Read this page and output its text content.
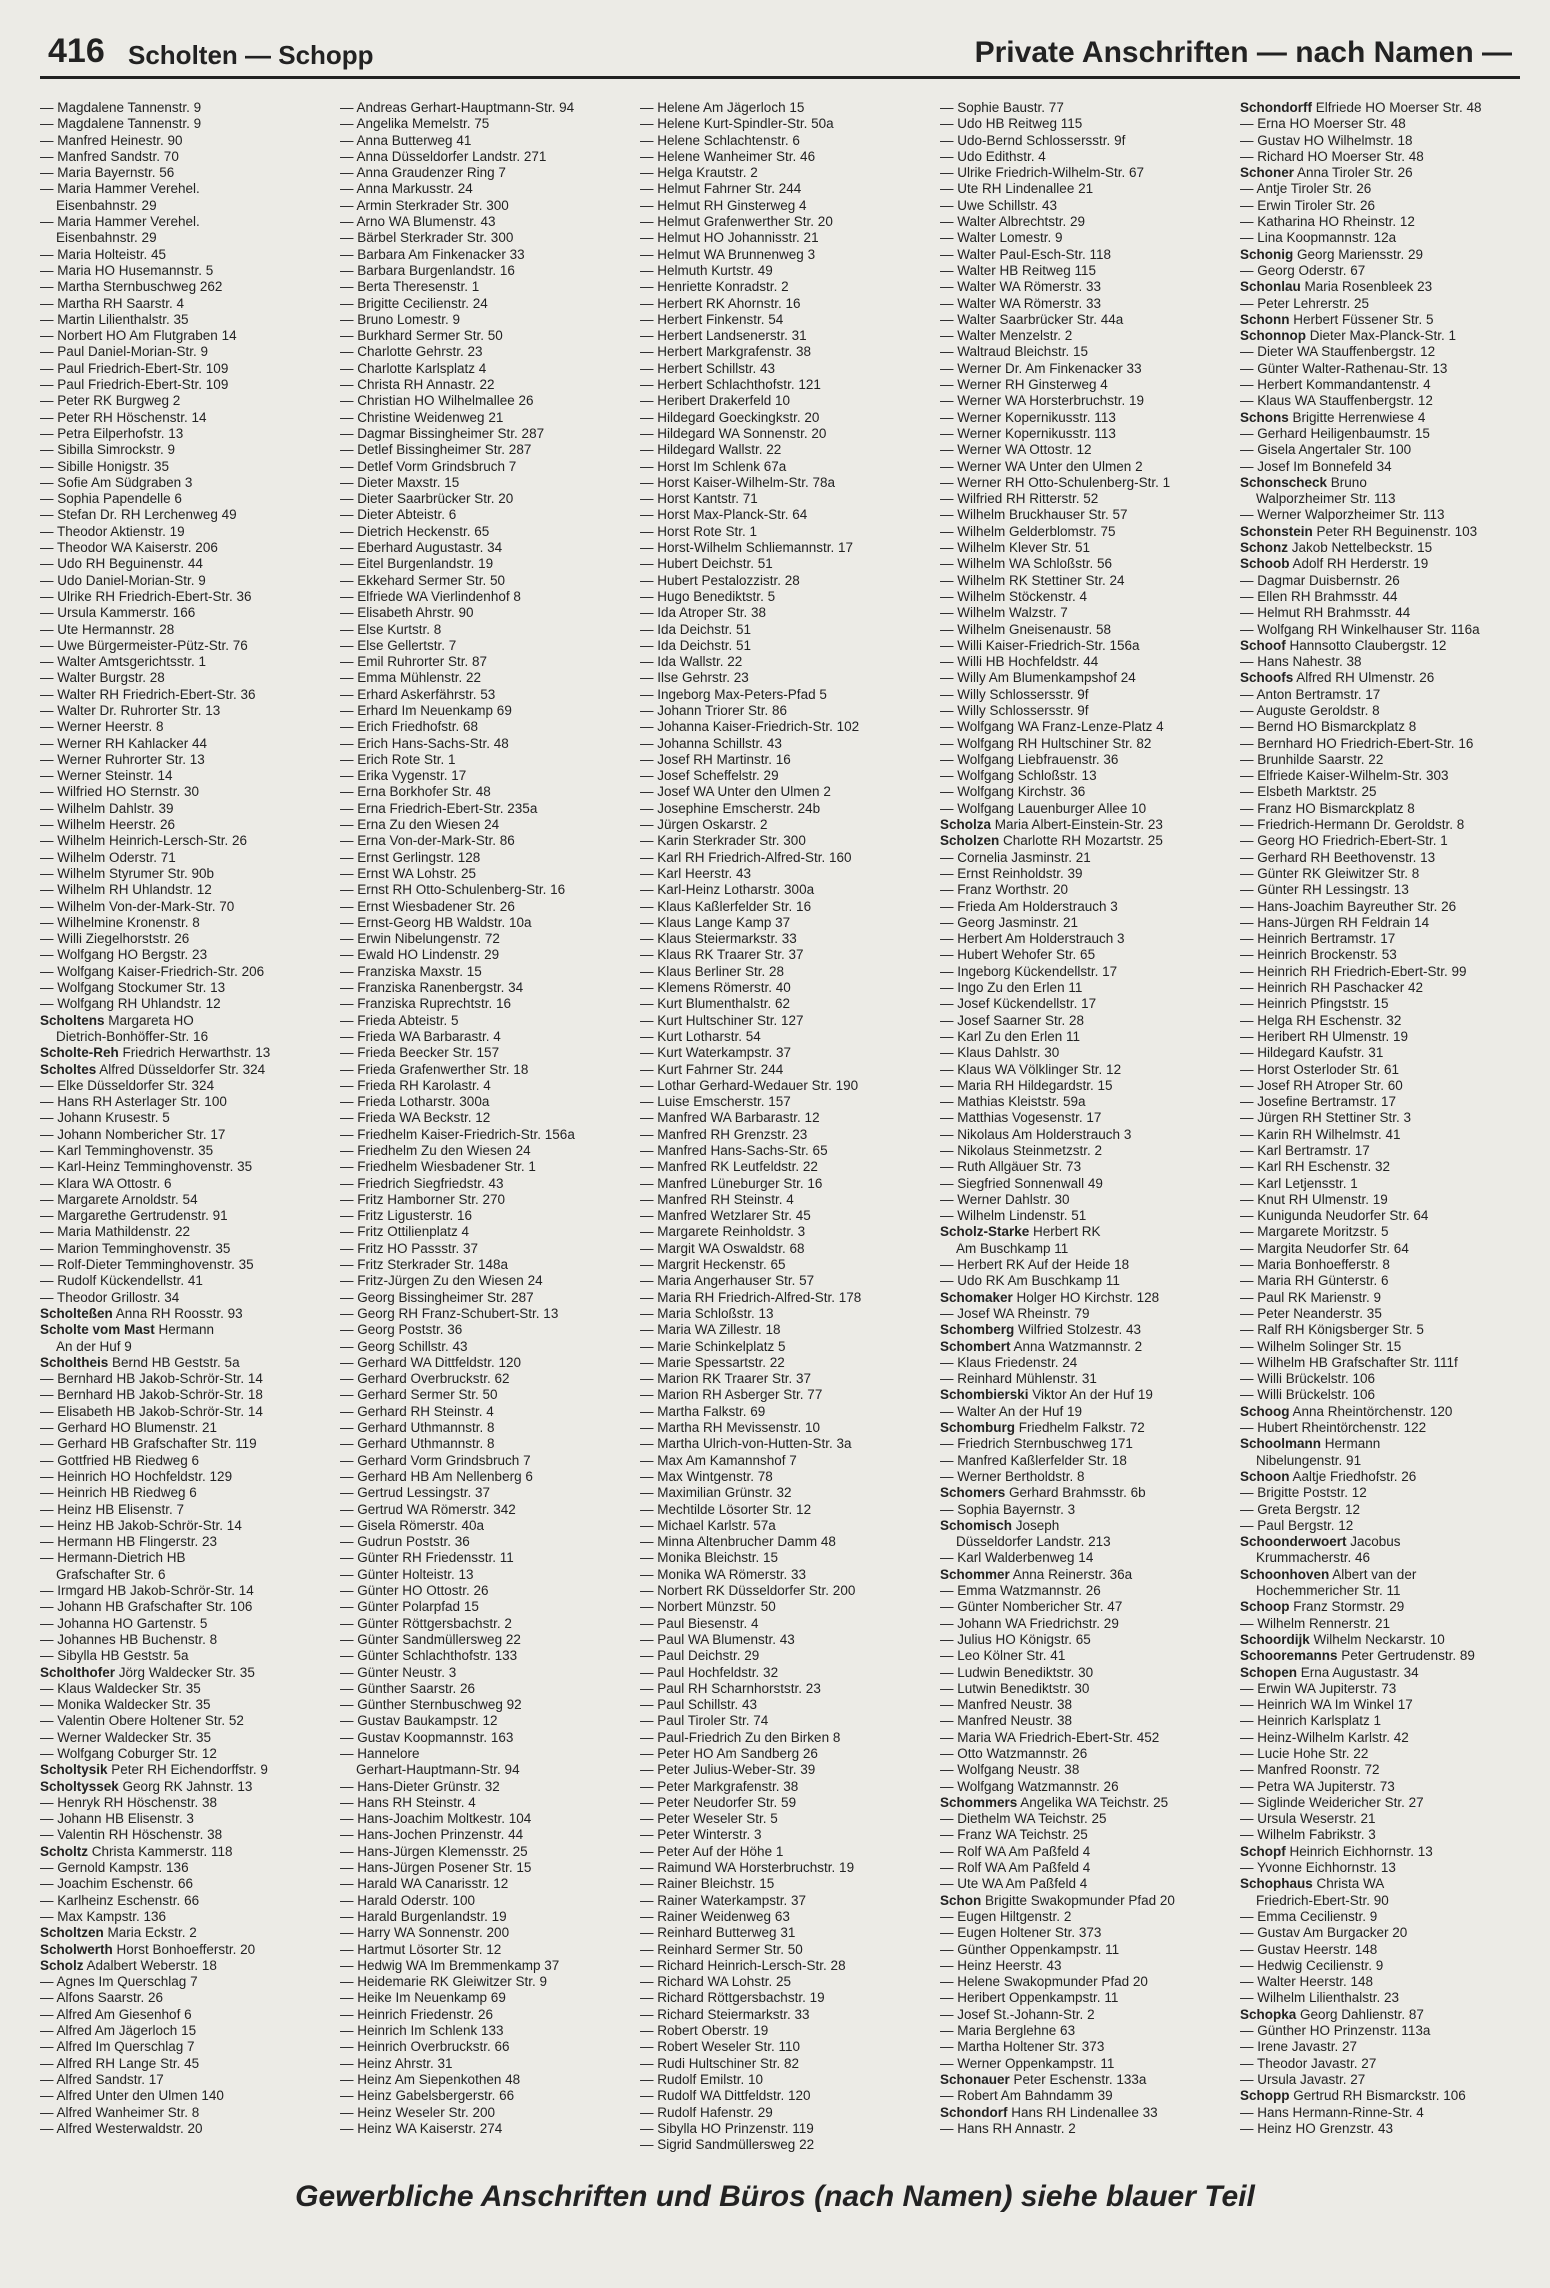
416 Scholten — Schopp	Private Anschriften — nach Namen —
— Magdalene Tannenstr. 9
— Magdalene Tannenstr. 9
— Manfred Heinestr. 90
— Manfred Sandstr. 70
— Maria Bayernstr. 56
— Maria Hammer Verehel.
Eisenbahnstr. 29
— Maria Hammer Verehel.
Eisenbahnstr. 29
— Maria Holteistr. 45
— Maria HO Husemannstr. 5
— Martha Sternbuschweg 262
— Martha RH Saarstr. 4
— Martin Lilienthalstr. 35
— Norbert HO Am Flutgraben 14
— Paul Daniel-Morian-Str. 9
— Paul Friedrich-Ebert-Str. 109
— Paul Friedrich-Ebert-Str. 109
— Peter RK Burgweg 2
— Peter RH Höschenstr. 14
— Petra Eilperhofstr. 13
— Sibilla Simrockstr. 9
— Sibille Honigstr. 35
— Sofie Am Südgraben 3
— Sophia Papendelle 6
— Stefan Dr. RH Lerchenweg 49
— Theodor Aktienstr. 19
— Theodor WA Kaiserstr. 206
— Udo RH Beguinenstr. 44
— Udo Daniel-Morian-Str. 9
— Ulrike RH Friedrich-Ebert-Str. 36
— Ursula Kammerstr. 166
— Ute Hermannstr. 28
— Uwe Bürgermeister-Pütz-Str. 76
— Walter Amtsgerichtsstr. 1
— Walter Burgstr. 28
— Walter RH Friedrich-Ebert-Str. 36
— Walter Dr. Ruhrorter Str. 13
— Werner Heerstr. 8
— Werner RH Kahlacker 44
— Werner Ruhrorter Str. 13
— Werner Steinstr. 14
— Wilfried HO Sternstr. 30
— Wilhelm Dahlstr. 39
— Wilhelm Heerstr. 26
— Wilhelm Heinrich-Lersch-Str. 26
— Wilhelm Oderstr. 71
— Wilhelm Styrumer Str. 90b
— Wilhelm RH Uhlandstr. 12
— Wilhelm Von-der-Mark-Str. 70
— Wilhelmine Kronenstr. 8
— Willi Ziegelhorststr. 26
— Wolfgang HO Bergstr. 23
— Wolfgang Kaiser-Friedrich-Str. 206
— Wolfgang Stockumer Str. 13
— Wolfgang RH Uhlandstr. 12
Scholtens Margareta HO
Dietrich-Bonhöffer-Str. 16
Scholte-Reh Friedrich Herwarthstr. 13
Scholtes Alfred Düsseldorfer Str. 324
— Elke Düsseldorfer Str. 324
— Hans RH Asterlager Str. 100
— Johann Krusestr. 5
— Johann Nombericher Str. 17
— Karl Temminghovenstr. 35
— Karl-Heinz Temminghovenstr. 35
— Klara WA Ottostr. 6
— Margarete Arnoldstr. 54
— Margarethe Gertrudenstr. 91
— Maria Mathildenstr. 22
— Marion Temminghovenstr. 35
— Rolf-Dieter Temminghovenstr. 35
— Rudolf Kückendellstr. 41
— Theodor Grillostr. 34
Scholteßen Anna RH Roosstr. 93
Scholte vom Mast Hermann
An der Huf 9
Scholtheis Bernd HB Geststr. 5a
— Bernhard HB Jakob-Schrör-Str. 14
— Bernhard HB Jakob-Schrör-Str. 18
— Elisabeth HB Jakob-Schrör-Str. 14
— Gerhard HO Blumenstr. 21
— Gerhard HB Grafschafter Str. 119
— Gottfried HB Riedweg 6
— Heinrich HO Hochfeldstr. 129
— Heinrich HB Riedweg 6
— Heinz HB Elisenstr. 7
— Heinz HB Jakob-Schrör-Str. 14
— Hermann HB Flingerstr. 23
— Hermann-Dietrich HB
Grafschafter Str. 6
— Irmgard HB Jakob-Schrör-Str. 14
— Johann HB Grafschafter Str. 106
— Johanna HO Gartenstr. 5
— Johannes HB Buchenstr. 8
— Sibylla HB Geststr. 5a
Scholthofer Jörg Waldecker Str. 35
— Klaus Waldecker Str. 35
— Monika Waldecker Str. 35
— Valentin Obere Holtener Str. 52
— Werner Waldecker Str. 35
— Wolfgang Coburger Str. 12
Scholtysik Peter RH Eichendorffstr. 9
Scholtyssek Georg RK Jahnstr. 13
— Henryk RH Höschenstr. 38
— Johann HB Elisenstr. 3
— Valentin RH Höschenstr. 38
Scholtz Christa Kammerstr. 118
— Gernold Kampstr. 136
— Joachim Eschenstr. 66
— Karlheinz Eschenstr. 66
— Max Kampstr. 136
Scholtzen Maria Eckstr. 2
Scholwerth Horst Bonhoefferstr. 20
Scholz Adalbert Weberstr. 18
— Agnes Im Querschlag 7
— Alfons Saarstr. 26
— Alfred Am Giesenhof 6
— Alfred Am Jägerloch 15
— Alfred Im Querschlag 7
— Alfred RH Lange Str. 45
— Alfred Sandstr. 17
— Alfred Unter den Ulmen 140
— Alfred Wanheimer Str. 8
— Alfred Westerwaldstr. 20
— Andreas Gerhart-Hauptmann-Str. 94
— Angelika Memelstr. 75
— Anna Butterweg 41
— Anna Düsseldorfer Landstr. 271
— Anna Graudenzer Ring 7
— Anna Markusstr. 24
— Armin Sterkrader Str. 300
— Arno WA Blumenstr. 43
— Bärbel Sterkrader Str. 300
— Barbara Am Finkenacker 33
— Barbara Burgenlandstr. 16
— Berta Theresenstr. 1
— Brigitte Cecilienstr. 24
— Bruno Lomestr. 9
— Burkhard Sermer Str. 50
— Charlotte Gehrstr. 23
— Charlotte Karlsplatz 4
— Christa RH Annastr. 22
— Christian HO Wilhelmallee 26
— Christine Weidenweg 21
— Dagmar Bissingheimer Str. 287
— Detlef Bissingheimer Str. 287
— Detlef Vorm Grindsbruch 7
— Dieter Maxstr. 15
— Dieter Saarbrücker Str. 20
— Dieter Abteistr. 6
— Dietrich Heckenstr. 65
— Eberhard Augustastr. 34
— Eitel Burgenlandstr. 19
— Ekkehard Sermer Str. 50
— Elfriede WA Vierlindenhof 8
— Elisabeth Ahrstr. 90
— Else Kurtstr. 8
— Else Gellertstr. 7
— Emil Ruhrorter Str. 87
— Emma Mühlenstr. 22
— Erhard Askerfährstr. 53
— Erhard Im Neuenkamp 69
— Erich Friedhofstr. 68
— Erich Hans-Sachs-Str. 48
— Erich Rote Str. 1
— Erika Vygenstr. 17
— Erna Borkhofer Str. 48
— Erna Friedrich-Ebert-Str. 235a
— Erna Zu den Wiesen 24
— Erna Von-der-Mark-Str. 86
— Ernst Gerlingstr. 128
— Ernst WA Lohstr. 25
— Ernst RH Otto-Schulenberg-Str. 16
— Ernst Wiesbadener Str. 26
— Ernst-Georg HB Waldstr. 10a
— Erwin Nibelungenstr. 72
— Ewald HO Lindenstr. 29
— Franziska Maxstr. 15
— Franziska Ranenbergstr. 34
— Franziska Ruprechtstr. 16
— Frieda Abteistr. 5
— Frieda WA Barbarastr. 4
— Frieda Beecker Str. 157
— Frieda Grafenwerther Str. 18
— Frieda RH Karolastr. 4
— Frieda Lotharstr. 300a
— Frieda WA Beckstr. 12
— Friedhelm Kaiser-Friedrich-Str. 156a
— Friedhelm Zu den Wiesen 24
— Friedhelm Wiesbadener Str. 1
— Friedrich Siegfriedstr. 43
— Fritz Hamborner Str. 270
— Fritz Ligusterstr. 16
— Fritz Ottilienplatz 4
— Fritz HO Passstr. 37
— Fritz Sterkrader Str. 148a
— Fritz-Jürgen Zu den Wiesen 24
— Georg Bissingheimer Str. 287
— Georg RH Franz-Schubert-Str. 13
— Georg Poststr. 36
— Georg Schillstr. 43
— Gerhard WA Dittfeldstr. 120
— Gerhard Overbruckstr. 62
— Gerhard Sermer Str. 50
— Gerhard RH Steinstr. 4
— Gerhard Uthmannstr. 8
— Gerhard Uthmannstr. 8
— Gerhard Vorm Grindsbruch 7
— Gerhard HB Am Nellenberg 6
— Gertrud Lessingstr. 37
— Gertrud WA Römerstr. 342
— Gisela Römerstr. 40a
— Gudrun Poststr. 36
— Günter RH Friedensstr. 11
— Günter Holteistr. 13
— Günter HO Ottostr. 26
— Günter Polarpfad 15
— Günter Röttgersbachstr. 2
— Günter Sandmüllersweg 22
— Günter Schlachthofstr. 133
— Günter Neustr. 3
— Günther Saarstr. 26
— Günther Sternbuschweg 92
— Gustav Baukampstr. 12
— Gustav Koopmannstr. 163
— Hannelore
Gerhart-Hauptmann-Str. 94
— Hans-Dieter Grünstr. 32
— Hans RH Steinstr. 4
— Hans-Joachim Moltkestr. 104
— Hans-Jochen Prinzenstr. 44
— Hans-Jürgen Klemensstr. 25
— Hans-Jürgen Posener Str. 15
— Harald WA Canarisstr. 12
— Harald Oderstr. 100
— Harald Burgenlandstr. 19
— Harry WA Sonnenstr. 200
— Hartmut Lösorter Str. 12
— Hedwig WA Im Bremmenkamp 37
— Heidemarie RK Gleiwitzer Str. 9
— Heike Im Neuenkamp 69
— Heinrich Friedenstr. 26
— Heinrich Im Schlenk 133
— Heinrich Overbruckstr. 66
— Heinz Ahrstr. 31
— Heinz Am Siepenkothen 48
— Heinz Gabelsbergerstr. 66
— Heinz Weseler Str. 200
— Heinz WA Kaiserstr. 274
— Helene Am Jägerloch 15
— Helene Kurt-Spindler-Str. 50a
— Helene Schlachtenstr. 6
— Helene Wanheimer Str. 46
— Helga Krautstr. 2
— Helmut Fahrner Str. 244
— Helmut RH Ginsterweg 4
— Helmut Grafenwerther Str. 20
— Helmut HO Johannisstr. 21
— Helmut WA Brunnenweg 3
— Helmuth Kurtstr. 49
— Henriette Konradstr. 2
— Herbert RK Ahornstr. 16
— Herbert Finkenstr. 54
— Herbert Landsenerstr. 31
— Herbert Markgrafenstr. 38
— Herbert Schillstr. 43
— Herbert Schlachthofstr. 121
— Heribert Drakerfeld 10
— Hildegard Goeckingkstr. 20
— Hildegard WA Sonnenstr. 20
— Hildegard Wallstr. 22
— Horst Im Schlenk 67a
— Horst Kaiser-Wilhelm-Str. 78a
— Horst Kantstr. 71
— Horst Max-Planck-Str. 64
— Horst Rote Str. 1
— Horst-Wilhelm Schliemannstr. 17
— Hubert Deichstr. 51
— Hubert Pestalozzistr. 28
— Hugo Benediktstr. 5
— Ida Atroper Str. 38
— Ida Deichstr. 51
— Ida Deichstr. 51
— Ida Wallstr. 22
— Ilse Gehrstr. 23
— Ingeborg Max-Peters-Pfad 5
— Johann Triorer Str. 86
— Johanna Kaiser-Friedrich-Str. 102
— Johanna Schillstr. 43
— Josef RH Martinstr. 16
— Josef Scheffelstr. 29
— Josef WA Unter den Ulmen 2
— Josephine Emscherstr. 24b
— Jürgen Oskarstr. 2
— Karin Sterkrader Str. 300
— Karl RH Friedrich-Alfred-Str. 160
— Karl Heerstr. 43
— Karl-Heinz Lotharstr. 300a
— Klaus Kaßlerfelder Str. 16
— Klaus Lange Kamp 37
— Klaus Steiermarkstr. 33
— Klaus RK Traarer Str. 37
— Klaus Berliner Str. 28
— Klemens Römerstr. 40
— Kurt Blumenthalstr. 62
— Kurt Hultschiner Str. 127
— Kurt Lotharstr. 54
— Kurt Waterkampstr. 37
— Kurt Fahrner Str. 244
— Lothar Gerhard-Wedauer Str. 190
— Luise Emscherstr. 157
— Manfred WA Barbarastr. 12
— Manfred RH Grenzstr. 23
— Manfred Hans-Sachs-Str. 65
— Manfred RK Leutfeldstr. 22
— Manfred Lüneburger Str. 16
— Manfred RH Steinstr. 4
— Manfred Wetzlarer Str. 45
— Margarete Reinholdstr. 3
— Margit WA Oswaldstr. 68
— Margrit Heckenstr. 65
— Maria Angerhauser Str. 57
— Maria RH Friedrich-Alfred-Str. 178
— Maria Schloßstr. 13
— Maria WA Zillestr. 18
— Marie Schinkelplatz 5
— Marie Spessartstr. 22
— Marion RK Traarer Str. 37
— Marion RH Asberger Str. 77
— Martha Falkstr. 69
— Martha RH Mevissenstr. 10
— Martha Ulrich-von-Hutten-Str. 3a
— Max Am Kamannshof 7
— Max Wintgenstr. 78
— Maximilian Grünstr. 32
— Mechtilde Lösorter Str. 12
— Michael Karlstr. 57a
— Minna Altenbrucher Damm 48
— Monika Bleichstr. 15
— Monika WA Römerstr. 33
— Norbert RK Düsseldorfer Str. 200
— Norbert Münzstr. 50
— Paul Biesenstr. 4
— Paul WA Blumenstr. 43
— Paul Deichstr. 29
— Paul Hochfeldstr. 32
— Paul RH Scharnhorststr. 23
— Paul Schillstr. 43
— Paul Tiroler Str. 74
— Paul-Friedrich Zu den Birken 8
— Peter HO Am Sandberg 26
— Peter Julius-Weber-Str. 39
— Peter Markgrafenstr. 38
— Peter Neudorfer Str. 59
— Peter Weseler Str. 5
— Peter Winterstr. 3
— Peter Auf der Höhe 1
— Raimund WA Horsterbruchstr. 19
— Rainer Bleichstr. 15
— Rainer Waterkampstr. 37
— Rainer Weidenweg 63
— Reinhard Butterweg 31
— Reinhard Sermer Str. 50
— Richard Heinrich-Lersch-Str. 28
— Richard WA Lohstr. 25
— Richard Röttgersbachstr. 19
— Richard Steiermarkstr. 33
— Robert Oberstr. 19
— Robert Weseler Str. 110
— Rudi Hultschiner Str. 82
— Rudolf Emilstr. 10
— Rudolf WA Dittfeldstr. 120
— Rudolf Hafenstr. 29
— Sibylla HO Prinzenstr. 119
— Sigrid Sandmüllersweg 22
— Sophie Baustr. 77
— Udo HB Reitweg 115
— Udo-Bernd Schlossersstr. 9f
— Udo Edithstr. 4
— Ulrike Friedrich-Wilhelm-Str. 67
— Ute RH Lindenallee 21
— Uwe Schillstr. 43
— Walter Albrechtstr. 29
— Walter Lomestr. 9
— Walter Paul-Esch-Str. 118
— Walter HB Reitweg 115
— Walter WA Römerstr. 33
— Walter WA Römerstr. 33
— Walter Saarbrücker Str. 44a
— Walter Menzelstr. 2
— Waltraud Bleichstr. 15
— Werner Dr. Am Finkenacker 33
— Werner RH Ginsterweg 4
— Werner WA Horsterbruchstr. 19
— Werner Kopernikusstr. 113
— Werner Kopernikusstr. 113
— Werner WA Ottostr. 12
— Werner WA Unter den Ulmen 2
— Werner RH Otto-Schulenberg-Str. 1
— Wilfried RH Ritterstr. 52
— Wilhelm Bruckhauser Str. 57
— Wilhelm Gelderblomstr. 75
— Wilhelm Klever Str. 51
— Wilhelm WA Schloßstr. 56
— Wilhelm RK Stettiner Str. 24
— Wilhelm Stöckenstr. 4
— Wilhelm Walzstr. 7
— Wilhelm Gneisenaustr. 58
— Willi Kaiser-Friedrich-Str. 156a
— Willi HB Hochfeldstr. 44
— Willy Am Blumenkampshof 24
— Willy Schlossersstr. 9f
— Willy Schlossersstr. 9f
— Wolfgang WA Franz-Lenze-Platz 4
— Wolfgang RH Hultschiner Str. 82
— Wolfgang Liebfrauenstr. 36
— Wolfgang Schloßstr. 13
— Wolfgang Kirchstr. 36
— Wolfgang Lauenburger Allee 10
Scholza Maria Albert-Einstein-Str. 23
Scholzen Charlotte RH Mozartstr. 25
— Cornelia Jasminstr. 21
— Ernst Reinholdstr. 39
— Franz Worthstr. 20
— Frieda Am Holderstrauch 3
— Georg Jasminstr. 21
— Herbert Am Holderstrauch 3
— Hubert Wehofer Str. 65
— Ingeborg Kückendellstr. 17
— Ingo Zu den Erlen 11
— Josef Kückendellstr. 17
— Josef Saarner Str. 28
— Karl Zu den Erlen 11
— Klaus Dahlstr. 30
— Klaus WA Völklinger Str. 12
— Maria RH Hildegardstr. 15
— Mathias Kleiststr. 59a
— Matthias Vogesenstr. 17
— Nikolaus Am Holderstrauch 3
— Nikolaus Steinmetzstr. 2
— Ruth Allgäuer Str. 73
— Siegfried Sonnenwall 49
— Werner Dahlstr. 30
— Wilhelm Lindenstr. 51
Scholz-Starke Herbert RK
Am Buschkamp 11
— Herbert RK Auf der Heide 18
— Udo RK Am Buschkamp 11
Schomaker Holger HO Kirchstr. 128
— Josef WA Rheinstr. 79
Schomberg Wilfried Stolzestr. 43
Schombert Anna Watzmannstr. 2
— Klaus Friedenstr. 24
— Reinhard Mühlenstr. 31
Schombierski Viktor An der Huf 19
— Walter An der Huf 19
Schomburg Friedhelm Falkstr. 72
— Friedrich Sternbuschweg 171
— Manfred Kaßlerfelder Str. 18
— Werner Bertholdstr. 8
Schomers Gerhard Brahmsstr. 6b
— Sophia Bayernstr. 3
Schomisch Joseph
Düsseldorfer Landstr. 213
— Karl Walderbenweg 14
Schommer Anna Reinerstr. 36a
— Emma Watzmannstr. 26
— Günter Nombericher Str. 47
— Johann WA Friedrichstr. 29
— Julius HO Königstr. 65
— Leo Kölner Str. 41
— Ludwin Benediktstr. 30
— Lutwin Benediktstr. 30
— Manfred Neustr. 38
— Manfred Neustr. 38
— Maria WA Friedrich-Ebert-Str. 452
— Otto Watzmannstr. 26
— Wolfgang Neustr. 38
— Wolfgang Watzmannstr. 26
Schommers Angelika WA Teichstr. 25
— Diethelm WA Teichstr. 25
— Franz WA Teichstr. 25
— Rolf WA Am Paßfeld 4
— Rolf WA Am Paßfeld 4
— Ute WA Am Paßfeld 4
Schon Brigitte Swakopmunder Pfad 20
— Eugen Hiltgenstr. 2
— Eugen Holtener Str. 373
— Günther Oppenkampstr. 11
— Heinz Heerstr. 43
— Helene Swakopmunder Pfad 20
— Heribert Oppenkampstr. 11
— Josef St.-Johann-Str. 2
— Maria Berglehne 63
— Martha Holtener Str. 373
— Werner Oppenkampstr. 11
Schonauer Peter Eschenstr. 133a
— Robert Am Bahndamm 39
Schondorf Hans RH Lindenallee 33
— Hans RH Annastr. 2
Schondorff Elfriede HO Moerser Str. 48
— Erna HO Moerser Str. 48
— Gustav HO Wilhelmstr. 18
— Richard HO Moerser Str. 48
Schoner Anna Tiroler Str. 26
— Antje Tiroler Str. 26
— Erwin Tiroler Str. 26
— Katharina HO Rheinstr. 12
— Lina Koopmannstr. 12a
Schonig Georg Mariensstr. 29
— Georg Oderstr. 67
Schonlau Maria Rosenbleek 23
— Peter Lehrerstr. 25
Schonn Herbert Füssener Str. 5
Schonnop Dieter Max-Planck-Str. 1
— Dieter WA Stauffenbergstr. 12
— Günter Walter-Rathenau-Str. 13
— Herbert Kommandantenstr. 4
— Klaus WA Stauffenbergstr. 12
Schons Brigitte Herrenwiese 4
— Gerhard Heiligenbaumstr. 15
— Gisela Angertaler Str. 100
— Josef Im Bonnefeld 34
Schonscheck Bruno
Walporzheimer Str. 113
— Werner Walporzheimer Str. 113
Schonstein Peter RH Beguinenstr. 103
Schonz Jakob Nettelbeckstr. 15
Schoob Adolf RH Herderstr. 19
— Dagmar Duisbernstr. 26
— Ellen RH Brahmsstr. 44
— Helmut RH Brahmsstr. 44
— Wolfgang RH Winkelhauser Str. 116a
Schoof Hannsotto Claubergstr. 12
— Hans Nahestr. 38
Schoofs Alfred RH Ulmenstr. 26
— Anton Bertramstr. 17
— Auguste Geroldstr. 8
— Bernd HO Bismarckplatz 8
— Bernhard HO Friedrich-Ebert-Str. 16
— Brunhilde Saarstr. 22
— Elfriede Kaiser-Wilhelm-Str. 303
— Elsbeth Marktstr. 25
— Franz HO Bismarckplatz 8
— Friedrich-Hermann Dr. Geroldstr. 8
— Georg HO Friedrich-Ebert-Str. 1
— Gerhard RH Beethovenstr. 13
— Günter RK Gleiwitzer Str. 8
— Günter RH Lessingstr. 13
— Hans-Joachim Bayreuther Str. 26
— Hans-Jürgen RH Feldrain 14
— Heinrich Bertramstr. 17
— Heinrich Brockenstr. 53
— Heinrich RH Friedrich-Ebert-Str. 99
— Heinrich RH Paschacker 42
— Heinrich Pfingststr. 15
— Helga RH Eschenstr. 32
— Heribert RH Ulmenstr. 19
— Hildegard Kaufstr. 31
— Horst Osterloder Str. 61
— Josef RH Atroper Str. 60
— Josefine Bertramstr. 17
— Jürgen RH Stettiner Str. 3
— Karin RH Wilhelmstr. 41
— Karl Bertramstr. 17
— Karl RH Eschenstr. 32
— Karl Letjensstr. 1
— Knut RH Ulmenstr. 19
— Kunigunda Neudorfer Str. 64
— Margarete Moritzstr. 5
— Margita Neudorfer Str. 64
— Maria Bonhoefferstr. 8
— Maria RH Günterstr. 6
— Paul RK Marienstr. 9
— Peter Neanderstr. 35
— Ralf RH Königsberger Str. 5
— Wilhelm Solinger Str. 15
— Wilhelm HB Grafschafter Str. 111f
— Willi Brückelstr. 106
— Willi Brückelstr. 106
Schoog Anna Rheintörchenstr. 120
— Hubert Rheintörchenstr. 122
Schoolmann Hermann
Nibelungenstr. 91
Schoon Aaltje Friedhofstr. 26
— Brigitte Poststr. 12
— Greta Bergstr. 12
— Paul Bergstr. 12
Schoonderwoert Jacobus
Krummacherstr. 46
Schoonhoven Albert van der
Hochemmericher Str. 11
Schoop Franz Stormstr. 29
— Wilhelm Rennerstr. 21
Schoordijk Wilhelm Neckarstr. 10
Schooremanns Peter Gertrudenstr. 89
Schopen Erna Augustastr. 34
— Erwin WA Jupiterstr. 73
— Heinrich WA Im Winkel 17
— Heinrich Karlsplatz 1
— Heinz-Wilhelm Karlstr. 42
— Lucie Hohe Str. 22
— Manfred Roonstr. 72
— Petra WA Jupiterstr. 73
— Siglinde Weidericher Str. 27
— Ursula Weserstr. 21
— Wilhelm Fabrikstr. 3
Schopf Heinrich Eichhornstr. 13
— Yvonne Eichhornstr. 13
Schophaus Christa WA
Friedrich-Ebert-Str. 90
— Emma Cecilienstr. 9
— Gustav Am Burgacker 20
— Gustav Heerstr. 148
— Hedwig Cecilienstr. 9
— Walter Heerstr. 148
— Wilhelm Lilienthalstr. 23
Schopka Georg Dahlienstr. 87
— Günther HO Prinzenstr. 113a
— Irene Javastr. 27
— Theodor Javastr. 27
— Ursula Javastr. 27
Schopp Gertrud RH Bismarckstr. 106
— Hans Hermann-Rinne-Str. 4
— Heinz HO Grenzstr. 43
Gewerbliche Anschriften und Büros (nach Namen) siehe blauer Teil
